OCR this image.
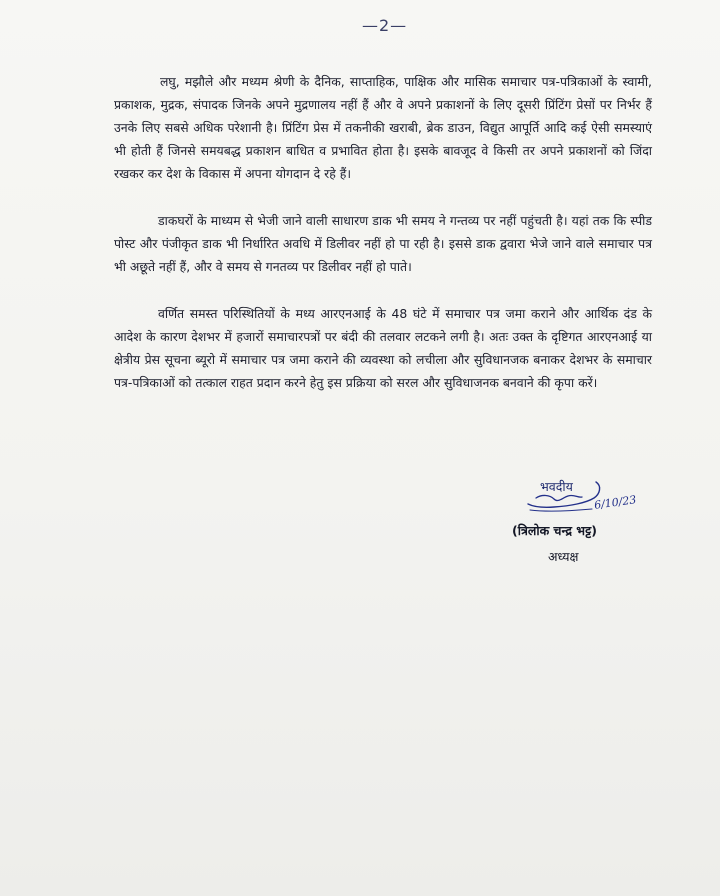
—2—

लघु, मझौले और मध्यम श्रेणी के दैनिक, साप्ताहिक, पाक्षिक और मासिक समाचार पत्र-पत्रिकाओं के स्वामी, प्रकाशक, मुद्रक, संपादक जिनके अपने मुद्रणालय नहीं हैं और वे अपने प्रकाशनों के लिए दूसरी प्रिंटिंग प्रेसों पर निर्भर हैं उनके लिए सबसे अधिक परेशानी है। प्रिंटिंग प्रेस में तकनीकी खराबी, ब्रेक डाउन, विद्युत आपूर्ति आदि कई ऐसी समस्याएं भी होती हैं जिनसे समयबद्ध प्रकाशन बाधित व प्रभावित होता है। इसके बावजूद वे किसी तर अपने प्रकाशनों को जिंदा रखकर कर देश के विकास में अपना योगदान दे रहे हैं।

डाकघरों के माध्यम से भेजी जाने वाली साधारण डाक भी समय ने गन्तव्य पर नहीं पहुंचती है। यहां तक कि स्पीड पोस्ट और पंजीकृत डाक भी निर्धारित अवधि में डिलीवर नहीं हो पा रही है। इससे डाक द्ववारा भेजे जाने वाले समाचार पत्र भी अछूते नहीं हैं, और वे समय से गनतव्य पर डिलीवर नहीं हो पाते।

वर्णित समस्त परिस्थितियों के मध्य आरएनआई के 48 घंटे में समाचार पत्र जमा कराने और आर्थिक दंड के आदेश के कारण देशभर में हजारों समाचारपत्रों पर बंदी की तलवार लटकने लगी है। अतः उक्त के दृष्टिगत आरएनआई या क्षेत्रीय प्रेस सूचना ब्यूरो में समाचार पत्र जमा कराने की व्यवस्था को लचीला और सुविधानजक बनाकर देशभर के समाचार पत्र-पत्रिकाओं को तत्काल राहत प्रदान करने हेतु इस प्रक्रिया को सरल और सुविधाजनक बनवाने की कृपा करें।

भवदीय
6/10/23
(त्रिलोक चन्द्र भट्ट)
अध्यक्ष
